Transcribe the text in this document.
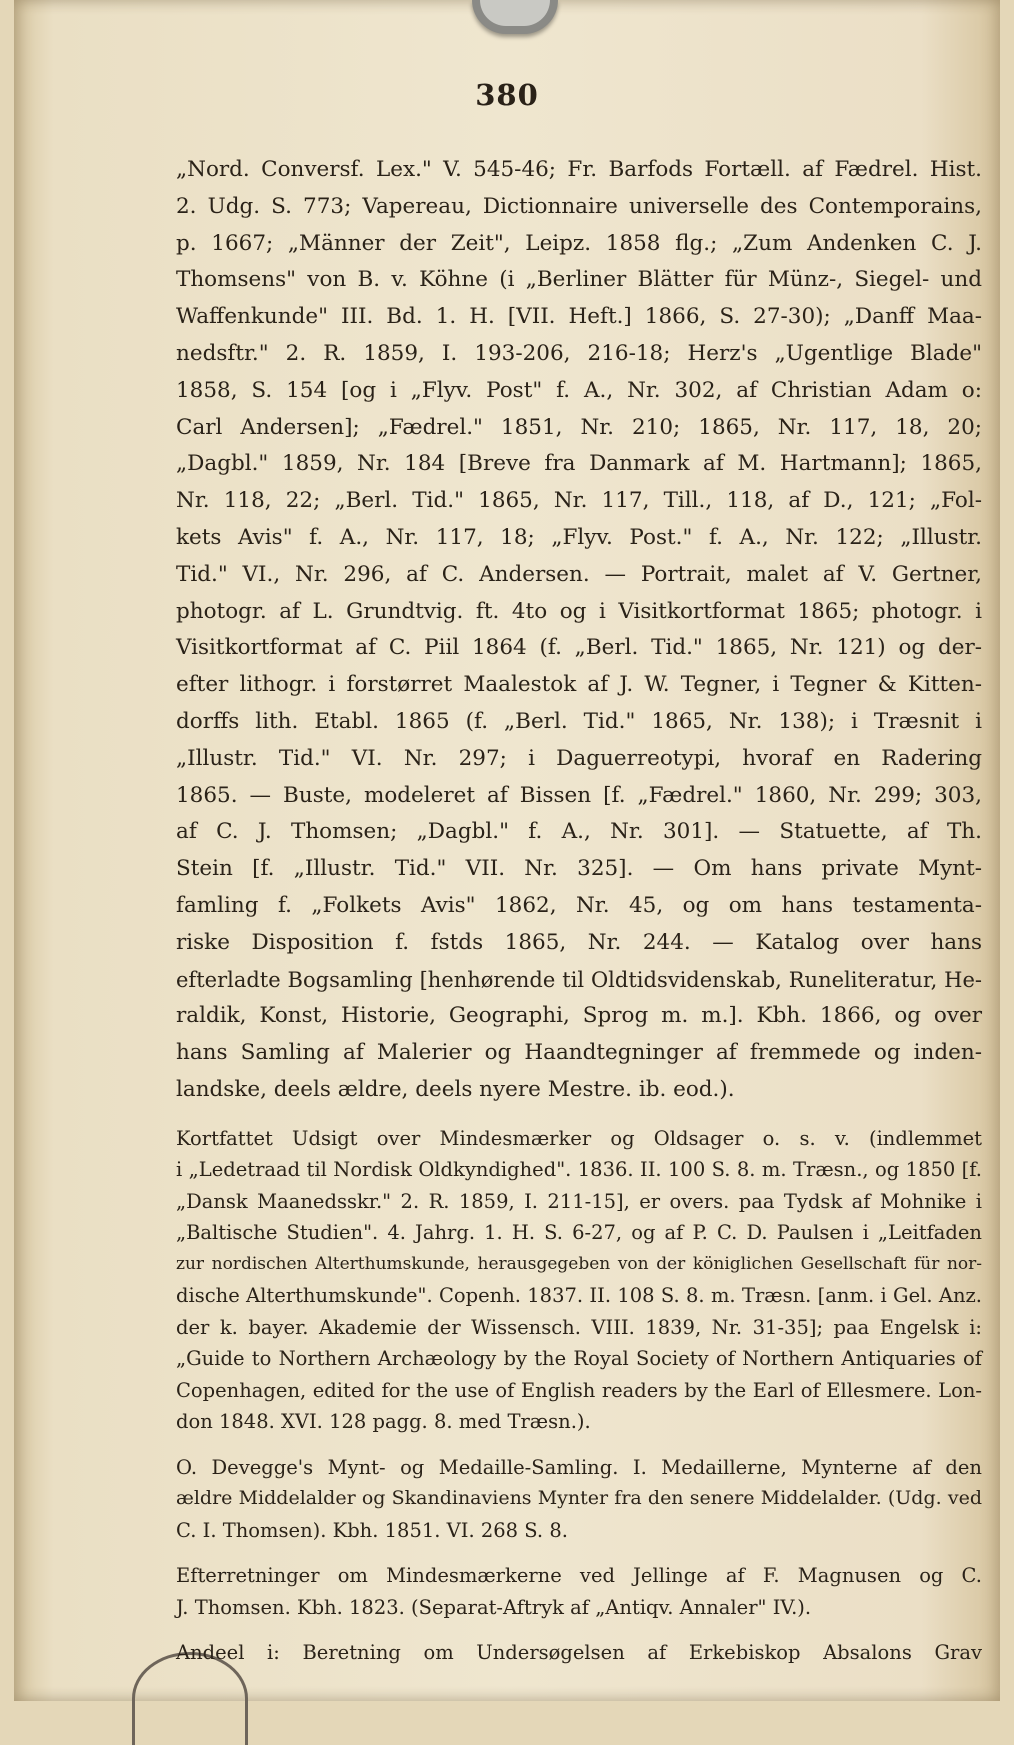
380
„Nord. Conversf. Lex." V. 545-46; Fr. Barfods Fortæll. af Fædrel. Hist.
2. Udg. S. 773; Vapereau, Dictionnaire universelle des Contemporains,
p. 1667; „Männer der Zeit", Leipz. 1858 flg.; „Zum Andenken C. J.
Thomsens" von B. v. Köhne (i „Berliner Blätter für Münz-, Siegel- und
Waffenkunde" III. Bd. 1. H. [VII. Heft.] 1866, S. 27-30); „Danff Maa-
nedsftr." 2. R. 1859, I. 193-206, 216-18; Herz's „Ugentlige Blade"
1858, S. 154 [og i „Flyv. Post" f. A., Nr. 302, af Christian Adam o:
Carl Andersen]; „Fædrel." 1851, Nr. 210; 1865, Nr. 117, 18, 20;
„Dagbl." 1859, Nr. 184 [Breve fra Danmark af M. Hartmann]; 1865,
Nr. 118, 22; „Berl. Tid." 1865, Nr. 117, Till., 118, af D., 121; „Fol-
kets Avis" f. A., Nr. 117, 18; „Flyv. Post." f. A., Nr. 122; „Illustr.
Tid." VI., Nr. 296, af C. Andersen. — Portrait, malet af V. Gertner,
photogr. af L. Grundtvig. ft. 4to og i Visitkortformat 1865; photogr. i
Visitkortformat af C. Piil 1864 (f. „Berl. Tid." 1865, Nr. 121) og der-
efter lithogr. i forstørret Maalestok af J. W. Tegner, i Tegner & Kitten-
dorffs lith. Etabl. 1865 (f. „Berl. Tid." 1865, Nr. 138); i Træsnit i
„Illustr. Tid." VI. Nr. 297; i Daguerreotypi, hvoraf en Radering
1865. — Buste, modeleret af Bissen [f. „Fædrel." 1860, Nr. 299; 303,
af C. J. Thomsen; „Dagbl." f. A., Nr. 301]. — Statuette, af Th.
Stein [f. „Illustr. Tid." VII. Nr. 325]. — Om hans private Mynt-
famling f. „Folkets Avis" 1862, Nr. 45, og om hans testamenta-
riske Disposition f. fstds 1865, Nr. 244. — Katalog over hans
efterladte Bogsamling [henhørende til Oldtidsvidenskab, Runeliteratur, He-
raldik, Konst, Historie, Geographi, Sprog m. m.]. Kbh. 1866, og over
hans Samling af Malerier og Haandtegninger af fremmede og inden-
landske, deels ældre, deels nyere Mestre. ib. eod.).
Kortfattet Udsigt over Mindesmærker og Oldsager o. s. v. (indlemmet
i „Ledetraad til Nordisk Oldkyndighed". 1836. II. 100 S. 8. m. Træsn., og 1850 [f.
„Dansk Maanedsskr." 2. R. 1859, I. 211-15], er overs. paa Tydsk af Mohnike i
„Baltische Studien". 4. Jahrg. 1. H. S. 6-27, og af P. C. D. Paulsen i „Leitfaden
zur nordischen Alterthumskunde, herausgegeben von der königlichen Gesellschaft für nor-
dische Alterthumskunde". Copenh. 1837. II. 108 S. 8. m. Træsn. [anm. i Gel. Anz.
der k. bayer. Akademie der Wissensch. VIII. 1839, Nr. 31-35]; paa Engelsk i:
„Guide to Northern Archæology by the Royal Society of Northern Antiquaries of
Copenhagen, edited for the use of English readers by the Earl of Ellesmere. Lon-
don 1848. XVI. 128 pagg. 8. med Træsn.).
O. Devegge's Mynt- og Medaille-Samling. I. Medaillerne, Mynterne af den
ældre Middelalder og Skandinaviens Mynter fra den senere Middelalder. (Udg. ved
C. I. Thomsen). Kbh. 1851. VI. 268 S. 8.
Efterretninger om Mindesmærkerne ved Jellinge af F. Magnusen og C.
J. Thomsen. Kbh. 1823. (Separat-Aftryk af „Antiqv. Annaler" IV.).
Andeel i: Beretning om Undersøgelsen af Erkebiskop Absalons Grav
